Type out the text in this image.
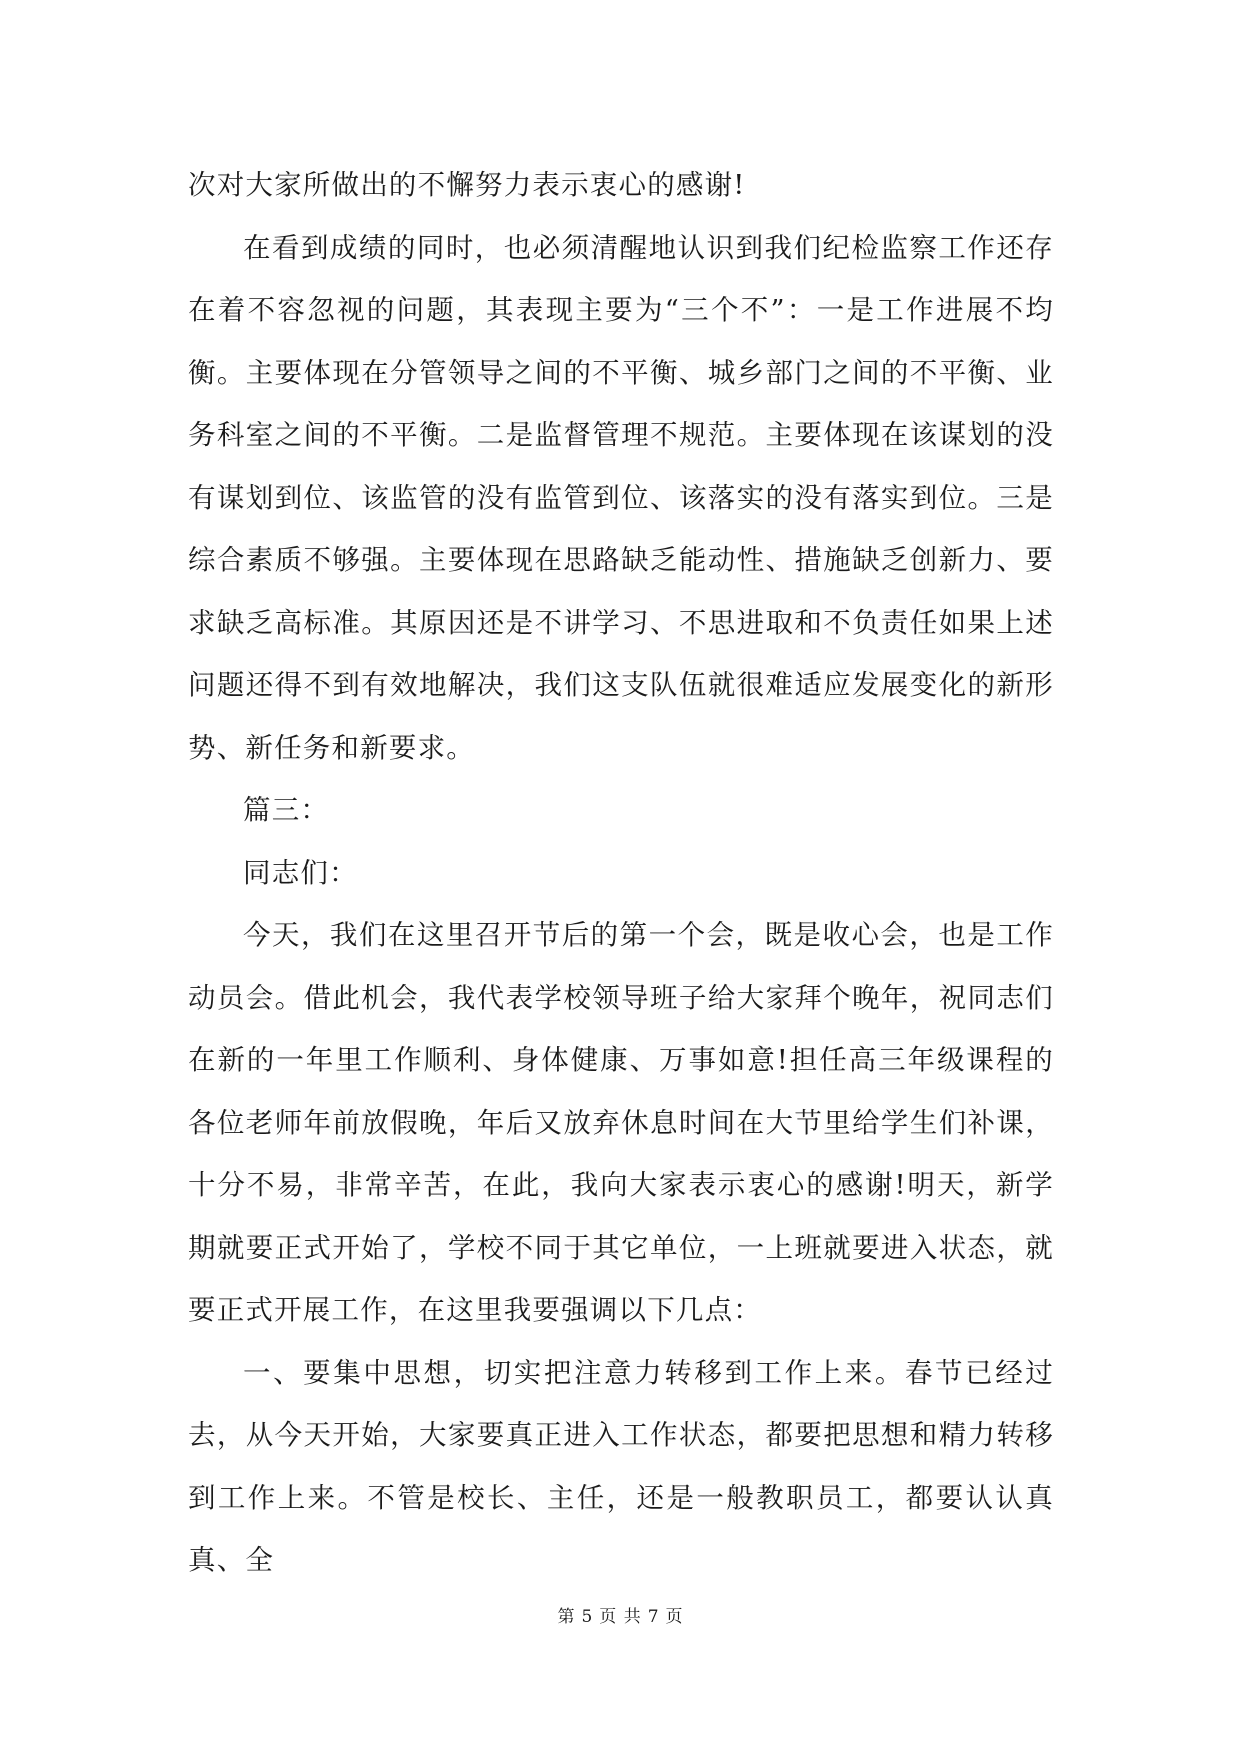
次对大家所做出的不懈努力表示衷心的感谢!

在看到成绩的同时，也必须清醒地认识到我们纪检监察工作还存在着不容忽视的问题，其表现主要为“三个不”：一是工作进展不均衡。主要体现在分管领导之间的不平衡、城乡部门之间的不平衡、业务科室之间的不平衡。二是监督管理不规范。主要体现在该谋划的没有谋划到位、该监管的没有监管到位、该落实的没有落实到位。三是综合素质不够强。主要体现在思路缺乏能动性、措施缺乏创新力、要求缺乏高标准。其原因还是不讲学习、不思进取和不负责任如果上述问题还得不到有效地解决，我们这支队伍就很难适应发展变化的新形势、新任务和新要求。

篇三：

同志们：

今天，我们在这里召开节后的第一个会，既是收心会，也是工作动员会。借此机会，我代表学校领导班子给大家拜个晚年，祝同志们在新的一年里工作顺利、身体健康、万事如意!担任高三年级课程的各位老师年前放假晚，年后又放弃休息时间在大节里给学生们补课，十分不易，非常辛苦，在此，我向大家表示衷心的感谢!明天，新学期就要正式开始了，学校不同于其它单位，一上班就要进入状态，就要正式开展工作，在这里我要强调以下几点：

一、要集中思想，切实把注意力转移到工作上来。春节已经过去，从今天开始，大家要真正进入工作状态，都要把思想和精力转移到工作上来。不管是校长、主任，还是一般教职员工，都要认认真真、全

第 5 页 共 7 页
